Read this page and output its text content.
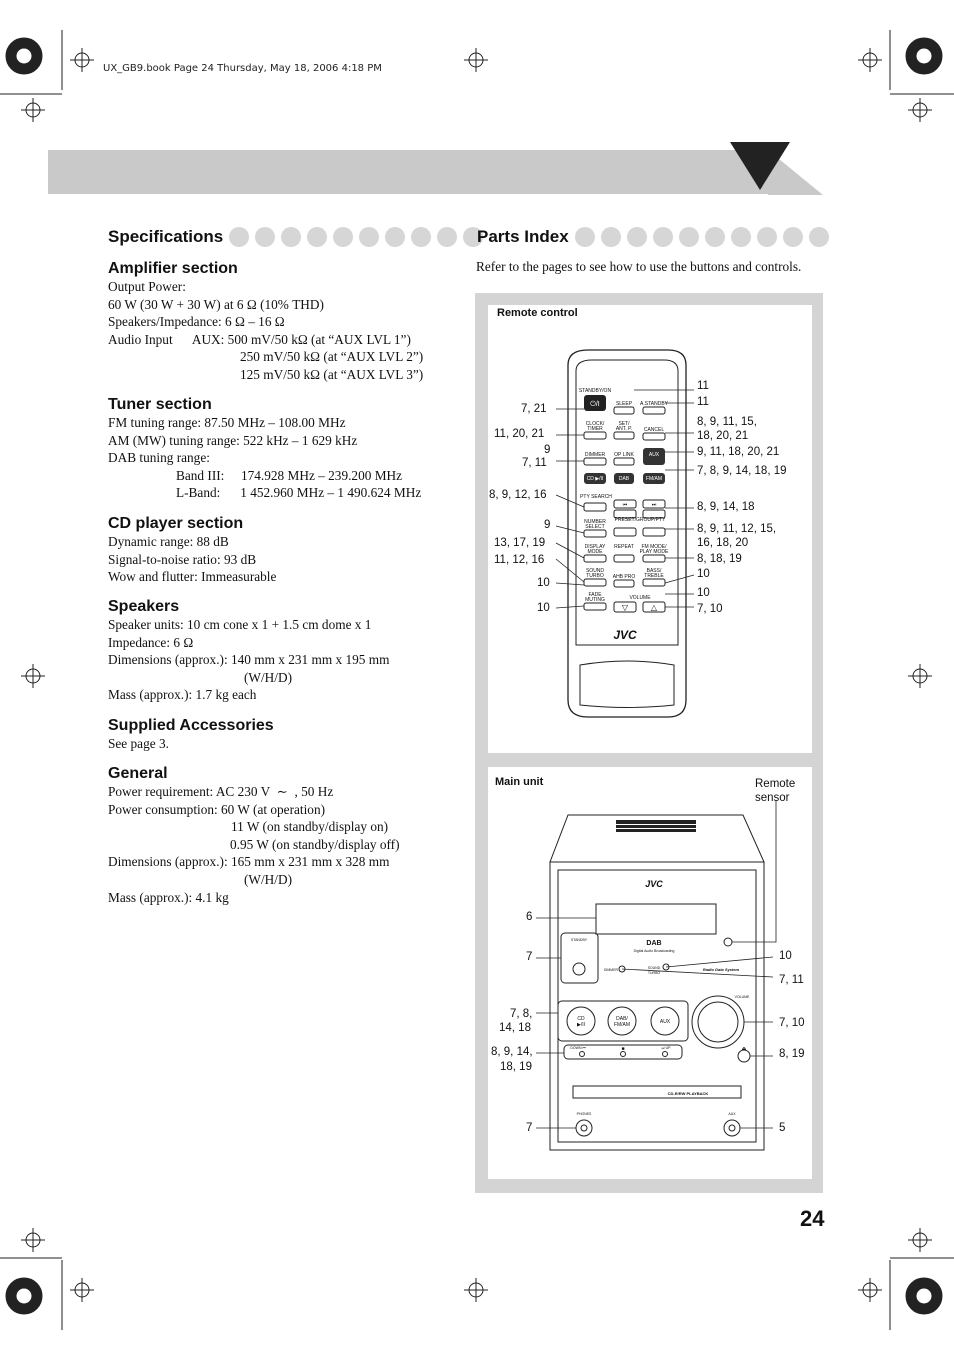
UX_GB9.book Page 24 Thursday, May 18, 2006 4:18 PM
Specifications
Amplifier section

Output Power:

60 W (30 W + 30 W) at 6 Ω (10% THD)

Speakers/Impedance: 6 Ω – 16 Ω

Audio Input      AUX: 500 mV/50 kΩ (at “AUX LVL 1”)

250 mV/50 kΩ (at “AUX LVL 2”)

125 mV/50 kΩ (at “AUX LVL 3”)

Tuner section

FM tuning range: 87.50 MHz – 108.00 MHz

AM (MW) tuning range: 522 kHz – 1 629 kHz

DAB tuning range:

Band III:     174.928 MHz – 239.200 MHz

L-Band:      1 452.960 MHz – 1 490.624 MHz

CD player section

Dynamic range: 88 dB

Signal-to-noise ratio: 93 dB

Wow and flutter: Immeasurable

Speakers

Speaker units: 10 cm cone x 1 + 1.5 cm dome x 1

Impedance: 6 Ω

Dimensions (approx.): 140 mm x 231 mm x 195 mm

(W/H/D)

Mass (approx.): 1.7 kg each

Supplied Accessories

See page 3.

General

Power requirement: AC 230 V  ∼  , 50 Hz

Power consumption: 60 W (at operation)

11 W (on standby/display on)

0.95 W (on standby/display off)

Dimensions (approx.): 165 mm x 231 mm x 328 mm

(W/H/D)

Mass (approx.): 4.1 kg

Parts Index

Refer to the pages to see how to use the buttons and controls.

Remote control
STANDBY/ON
⏻/I	SLEEP A.STANDBY
CLOCK/
TIMER
SET/
ANT. P. CANCEL
DIMMER OP LINK	AUX
CD ▶/II	DAB	FM/AM
PTY SEARCH
⏮	⏭
NUMBER
SELECT
PRESET/GROUP/PTY
DISPLAY
MODE
REPEAT FM MODE/
PLAY MODE
SOUND
TURBO AHB PRO
BASS/
TREBLE
FADE
MUTING	VOLUME
▽	△
JVC
7, 21
11, 20, 21
9
7, 11
8, 9, 12, 16
9
13, 17, 19
11, 12, 16
10
10
11
11
8, 9, 11, 15,
18, 20, 21
9, 11, 18, 20, 21
7, 8, 9, 14, 18, 19
8, 9, 14, 18
8, 9, 11, 12, 15,
16, 18, 20
8, 18, 19
10
10
7, 10
Main unit	Remote
sensor
JVC
DAB
Digital Audio Broadcasting
Radio Data System
STANDBY
DIMMER	SOUND
TURBO
CD
▶/II
DAB/
FM/AM	AUX
VOLUME
DOWN ⏮	■	⏭ UP	⏏
CD-R/RW PLAYBACK
PHONES	AUX
6
7
7, 8,
14, 18
8, 9, 14,
18, 19
7
10
7, 11
7, 10
8, 19
5
24
